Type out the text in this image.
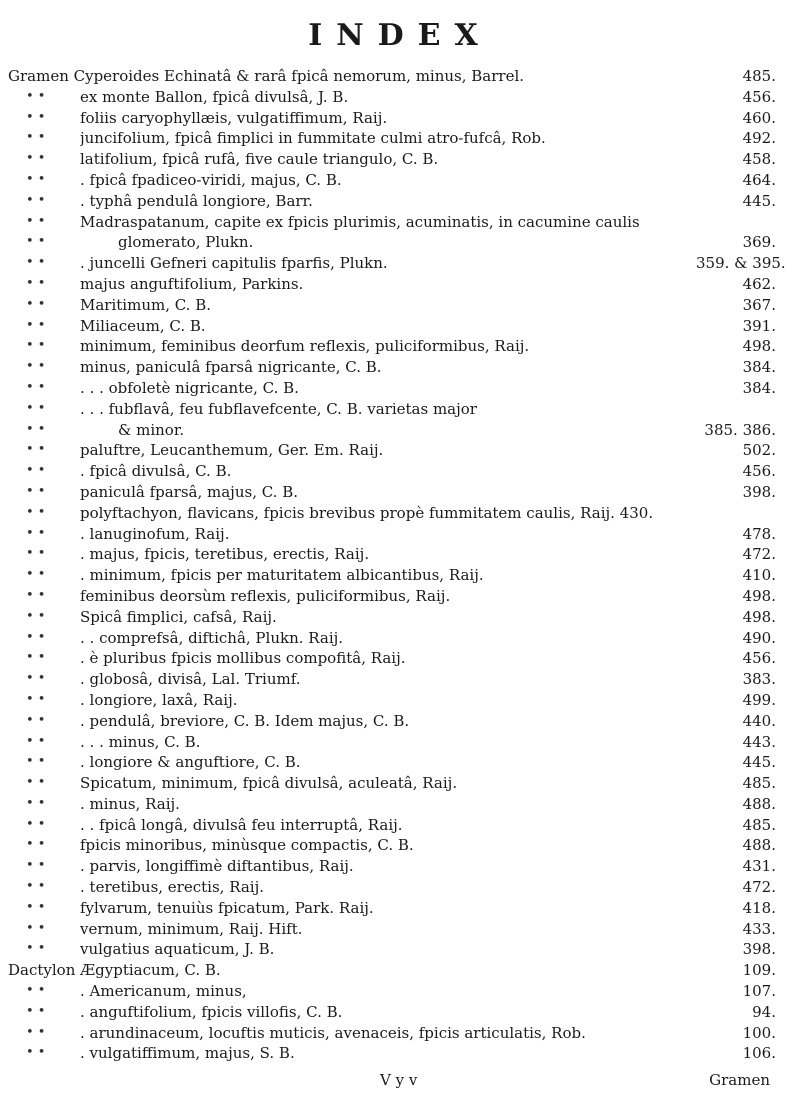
INDEX
Gramen Cyperoides Echinatâ & rarâ fpicâ nemorum, minus, Barrel.	485.
• •	ex monte Ballon, fpicâ divulsâ, J. B.	456.
• •	foliis caryophyllæis, vulgatiffimum, Raij.	460.
• •	juncifolium, fpicâ fimplici in fummitate culmi atro-fufcâ, Rob.	492.
• •	latifolium, fpicâ rufâ, five caule triangulo, C. B.	458.
• •	. fpicâ fpadiceo-viridi, majus, C. B.	464.
• •	. typhâ pendulâ longiore, Barr.	445.
• •	Madraspatanum, capite ex fpicis plurimis, acuminatis, in cacumine caulis
• •	glomerato, Plukn.	369.
• •	. juncelli Gefneri capitulis fparfis, Plukn.	359. & 395.
• •	majus anguftifolium, Parkins.	462.
• •	Maritimum, C. B.	367.
• •	Miliaceum, C. B.	391.
• •	minimum, feminibus deorfum reflexis, puliciformibus, Raij.	498.
• •	minus, paniculâ fparsâ nigricante, C. B.	384.
• •	. . . obfoletè nigricante, C. B.	384.
• •	. . . fubflavâ, feu fubflavefcente, C. B. varietas major
• •	& minor.	385. 386.
• •	paluftre, Leucanthemum, Ger. Em. Raij.	502.
• •	. fpicâ divulsâ, C. B.	456.
• •	paniculâ fparsâ, majus, C. B.	398.
• •	polyftachyon, flavicans, fpicis brevibus propè fummitatem caulis, Raij. 430.
• •	. lanuginofum, Raij.	478.
• •	. majus, fpicis, teretibus, erectis, Raij.	472.
• •	. minimum, fpicis per maturitatem albicantibus, Raij.	410.
• •	feminibus deorsùm reflexis, puliciformibus, Raij.	498.
• •	Spicâ fimplici, cafsâ, Raij.	498.
• •	. . comprefsâ, diftichâ, Plukn. Raij.	490.
• •	. è pluribus fpicis mollibus compofitâ, Raij.	456.
• •	. globosâ, divisâ, Lal. Triumf.	383.
• •	. longiore, laxâ, Raij.	499.
• •	. pendulâ, breviore, C. B. Idem majus, C. B.	440.
• •	. . . minus, C. B.	443.
• •	. longiore & anguftiore, C. B.	445.
• •	Spicatum, minimum, fpicâ divulsâ, aculeatâ, Raij.	485.
• •	. minus, Raij.	488.
• •	. . fpicâ longâ, divulsâ feu interruptâ, Raij.	485.
• •	fpicis minoribus, minùsque compactis, C. B.	488.
• •	. parvis, longiffimè diftantibus, Raij.	431.
• •	. teretibus, erectis, Raij.	472.
• •	fylvarum, tenuiùs fpicatum, Park. Raij.	418.
• •	vernum, minimum, Raij. Hift.	433.
• •	vulgatius aquaticum, J. B.	398.
Dactylon Ægyptiacum, C. B.	109.
• •	. Americanum, minus,	107.
• •	. anguftifolium, fpicis villofis, C. B.	94.
• •	. arundinaceum, locuftis muticis, avenaceis, fpicis articulatis, Rob.	100.
• •	. vulgatiffimum, majus, S. B.	106.
V y v	Gramen
